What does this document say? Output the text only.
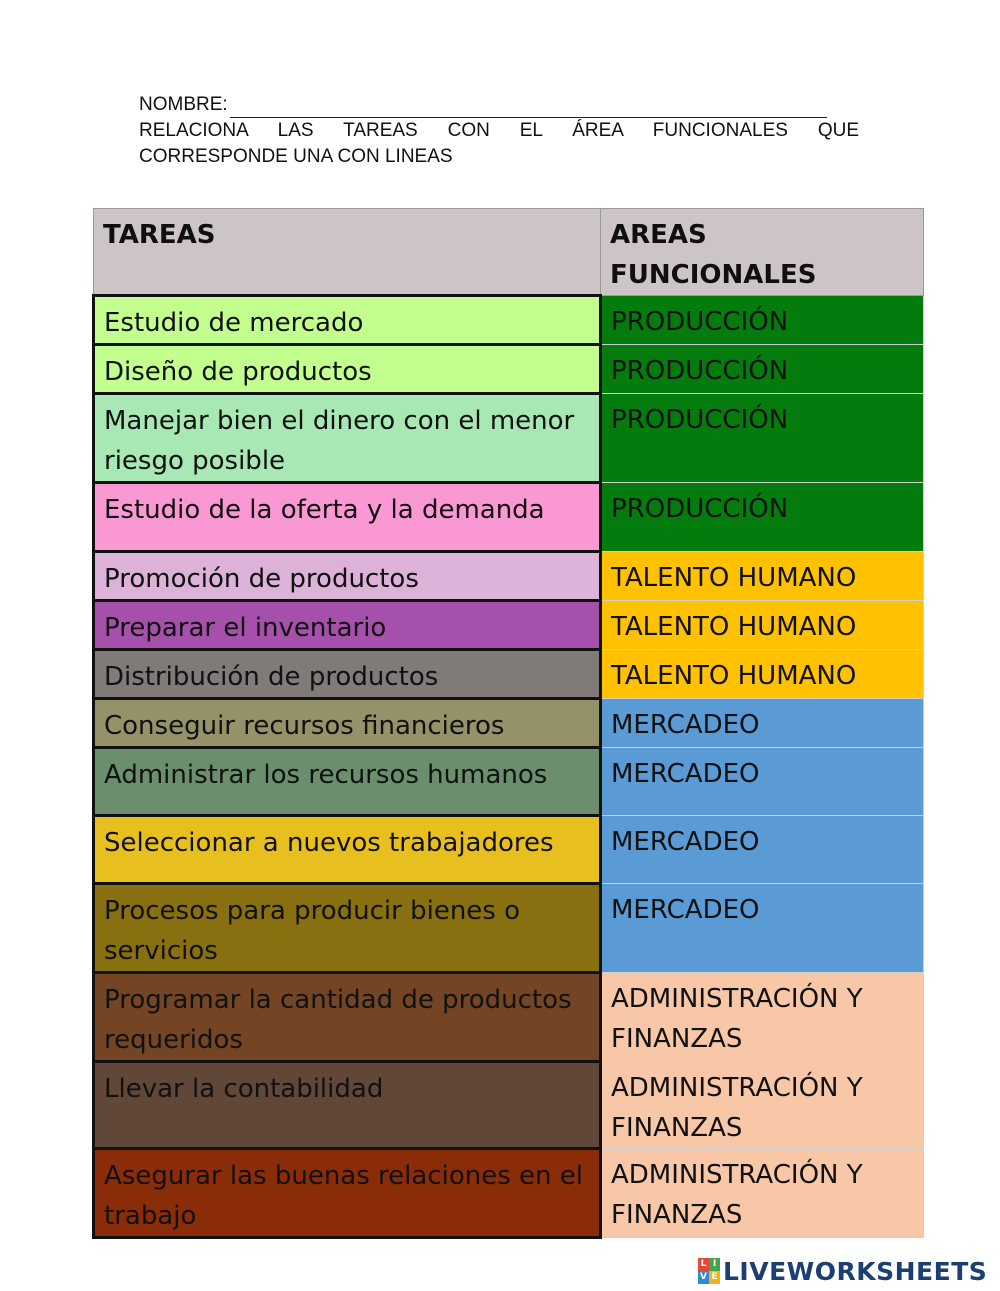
NOMBRE:
RELACIONA LAS TAREAS CON EL ÁREA FUNCIONALES QUE
CORRESPONDE UNA CON LINEAS
TAREAS	AREAS FUNCIONALES
Estudio de mercado	PRODUCCIÓN
Diseño de productos	PRODUCCIÓN
Manejar bien el dinero con el menor riesgo posible	PRODUCCIÓN
Estudio de la oferta y la demanda	PRODUCCIÓN
Promoción de productos	TALENTO HUMANO
Preparar el inventario	TALENTO HUMANO
Distribución de productos	TALENTO HUMANO
Conseguir recursos financieros	MERCADEO
Administrar los recursos humanos	MERCADEO
Seleccionar a nuevos trabajadores	MERCADEO
Procesos para producir bienes o servicios	MERCADEO
Programar la cantidad de productos requeridos	ADMINISTRACIÓN Y FINANZAS
Llevar la contabilidad	ADMINISTRACIÓN Y FINANZAS
Asegurar las buenas relaciones en el trabajo	ADMINISTRACIÓN Y FINANZAS
L I
V E LIVEWORKSHEETS
